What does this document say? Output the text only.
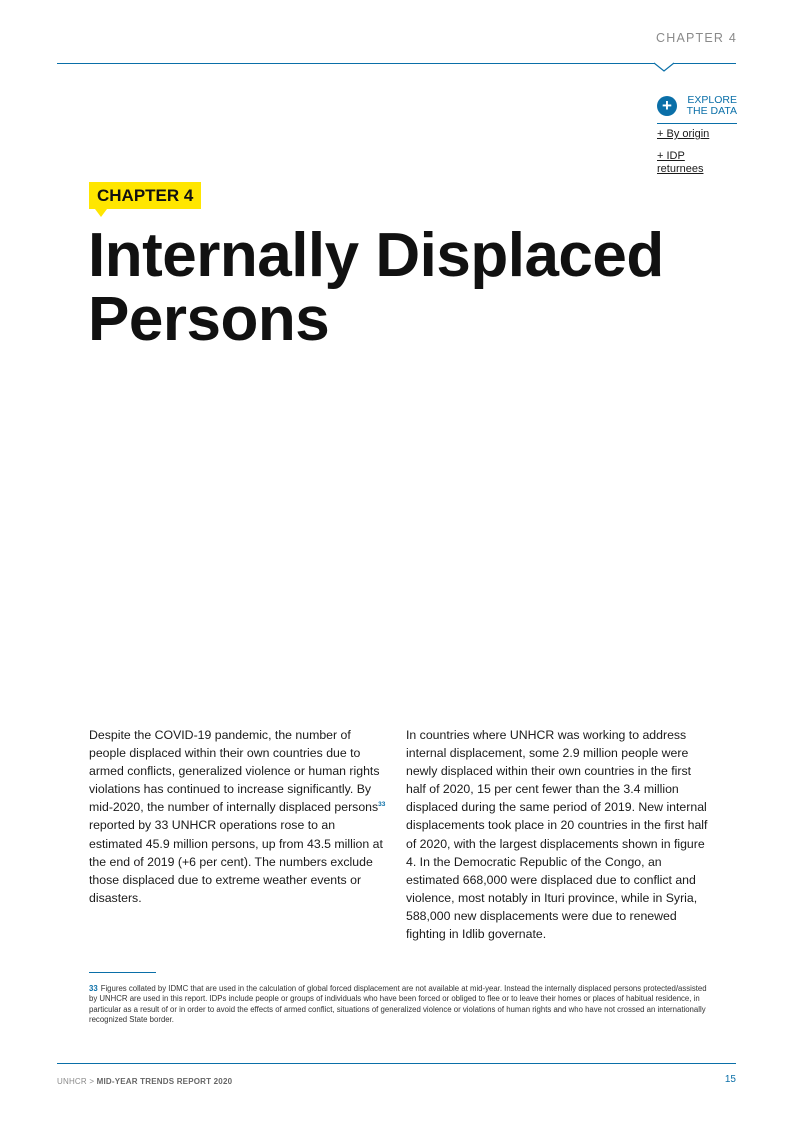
CHAPTER 4
+	EXPLORE THE DATA
+ By origin
+ IDP returnees
CHAPTER 4
Internally Displaced Persons
Despite the COVID-19 pandemic, the number of people displaced within their own countries due to armed conflicts, generalized violence or human rights violations has continued to increase significantly. By mid-2020, the number of internally displaced persons$^{33}$ reported by 33 UNHCR operations rose to an estimated 45.9 million persons, up from 43.5 million at the end of 2019 (+6 per cent). The numbers exclude those displaced due to extreme weather events or disasters.
In countries where UNHCR was working to address internal displacement, some 2.9 million people were newly displaced within their own countries in the first half of 2020, 15 per cent fewer than the 3.4 million displaced during the same period of 2019. New internal displacements took place in 20 countries in the first half of 2020, with the largest displacements shown in figure 4. In the Democratic Republic of the Congo, an estimated 668,000 were displaced due to conflict and violence, most notably in Ituri province, while in Syria, 588,000 new displacements were due to renewed fighting in Idlib governate.
33 Figures collated by IDMC that are used in the calculation of global forced displacement are not available at mid-year. Instead the internally displaced persons protected/assisted by UNHCR are used in this report. IDPs include people or groups of individuals who have been forced or obliged to flee or to leave their homes or places of habitual residence, in particular as a result of or in order to avoid the effects of armed conflict, situations of generalized violence or violations of human rights and who have not crossed an internationally recognized State border.
UNHCR > MID-YEAR TRENDS REPORT 2020	15
